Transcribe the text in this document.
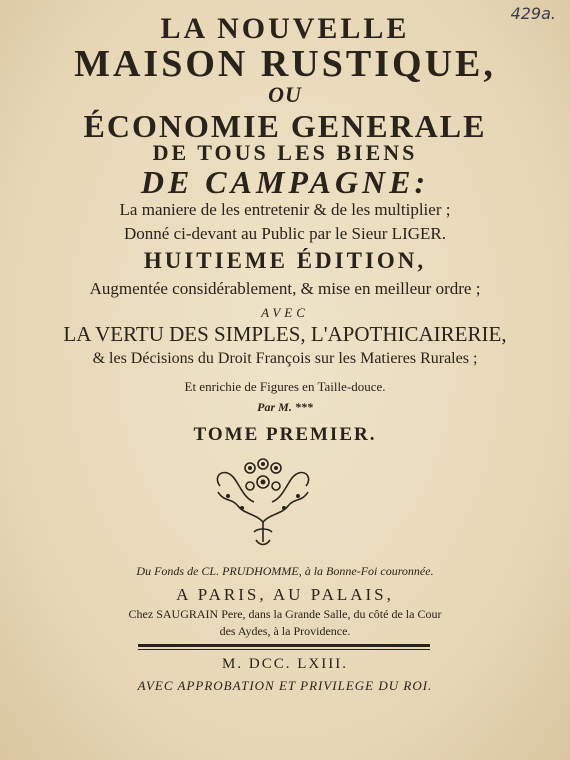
429a.
LA NOUVELLE
MAISON RUSTIQUE,
OU
ÉCONOMIE GENERALE
DE TOUS LES BIENS
DE CAMPAGNE:
La maniere de les entretenir & de les multiplier ;
Donné ci-devant au Public par le Sieur LIGER.
HUITIEME ÉDITION,
Augmentée considérablement, & mise en meilleur ordre ;
AVEC
LA VERTU DES SIMPLES, L'APOTHICAIRERIE,
& les Décisions du Droit François sur les Matieres Rurales ;
Et enrichie de Figures en Taille-douce.
Par M. ***
TOME PREMIER.
Du Fonds de CL. PRUDHOMME, à la Bonne-Foi couronnée.
A PARIS, AU PALAIS,
Chez SAUGRAIN Pere, dans la Grande Salle, du côté de la Cour
des Aydes, à la Providence.
M. DCC. LXIII.
AVEC APPROBATION ET PRIVILEGE DU ROI.
